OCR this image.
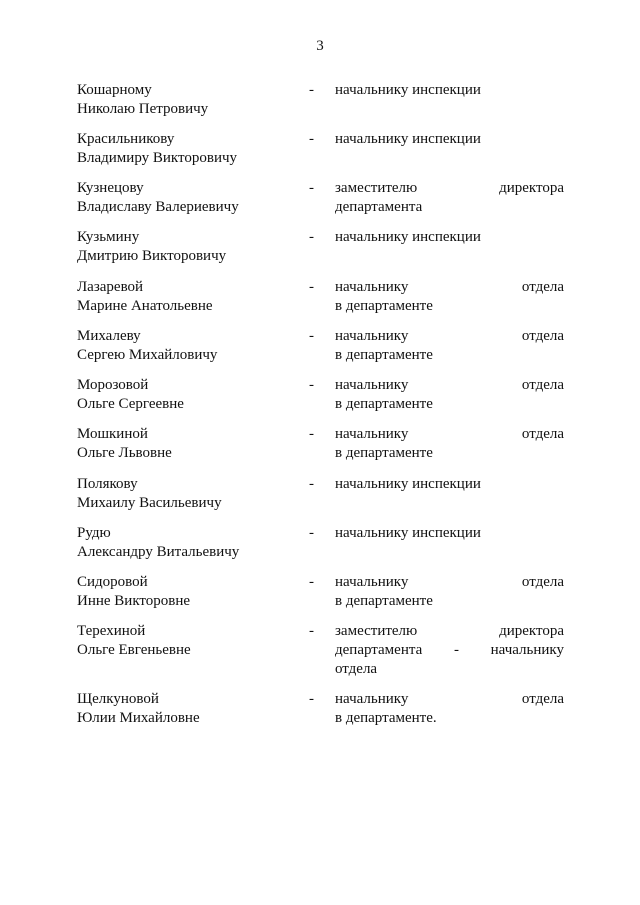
3
Кошарному
Николаю Петровичу
-	начальнику инспекции
Красильникову
Владимиру Викторовичу
-	начальнику инспекции
Кузнецову
Владиславу Валериевичу
-	заместителю	директора
департамента
Кузьмину
Дмитрию Викторовичу
-	начальнику инспекции
Лазаревой
Марине Анатольевне
-	начальнику	отдела
в департаменте
Михалеву
Сергею Михайловичу
-	начальнику	отдела
в департаменте
Морозовой
Ольге Сергеевне
-	начальнику	отдела
в департаменте
Мошкиной
Ольге Львовне
-	начальнику	отдела
в департаменте
Полякову
Михаилу Васильевичу
-	начальнику инспекции
Рудю
Александру Витальевичу
-	начальнику инспекции
Сидоровой
Инне Викторовне
-	начальнику	отдела
в департаменте
Терехиной
Ольге Евгеньевне
-	заместителю	директора
департамента - начальнику
отдела
Щелкуновой
Юлии Михайловне
-	начальнику	отдела
в департаменте.
